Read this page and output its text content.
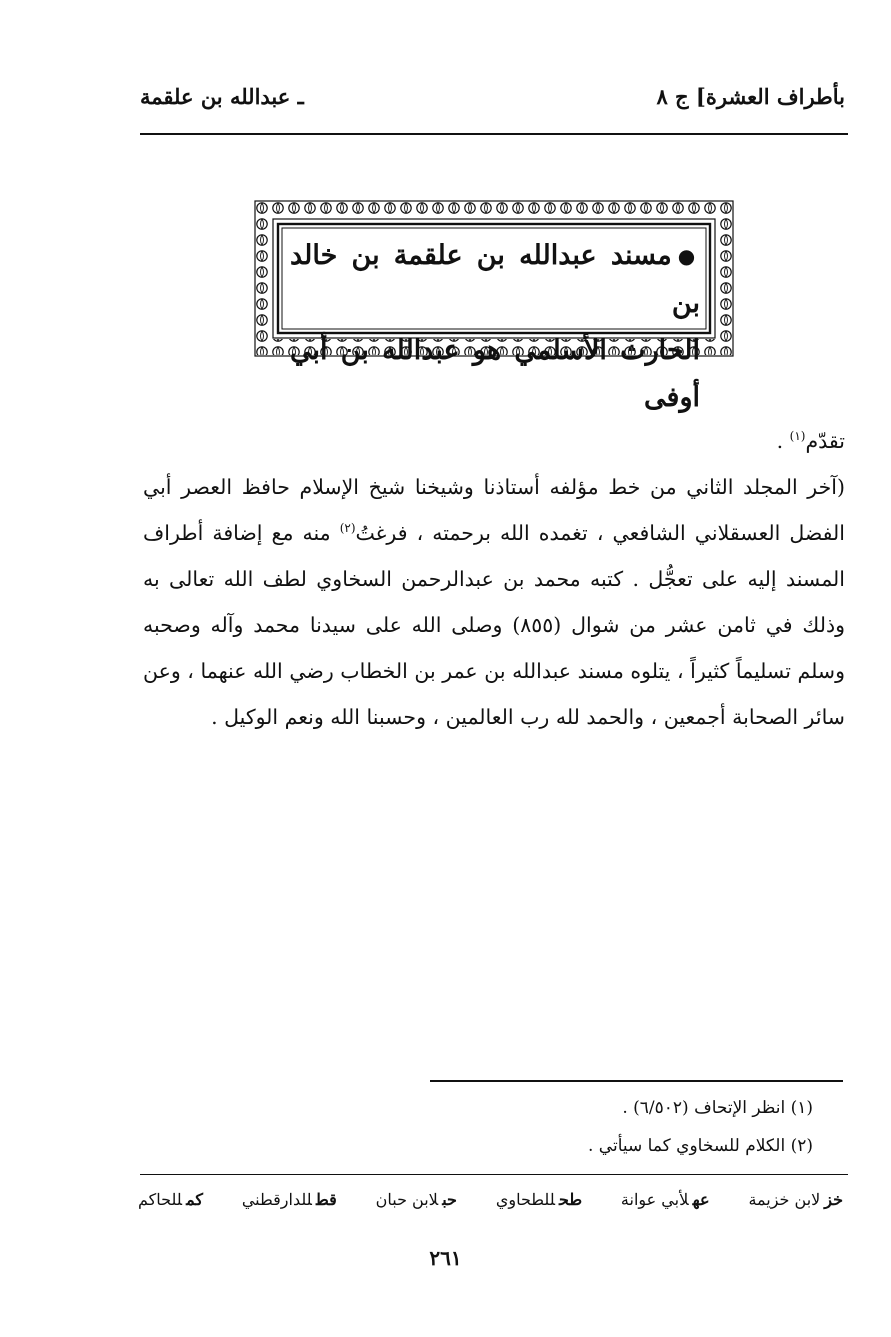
بأطراف العشرة] ج ٨
ـ عبدالله بن علقمة
●مسند عبدالله بن علقمة بن خالد بن
الحارث الأسلمي هو عبدالله بن أبي أوفى

تقدّم$^{(١)}$ .

(آخر المجلد الثاني من خط مؤلفه أستاذنا وشيخنا شيخ الإسلام حافظ العصر أبي الفضل العسقلاني الشافعي ، تغمده الله برحمته ، فرغتُ$^{(٢)}$ منه مع إضافة أطراف المسند إليه على تعجُّل . كتبه محمد بن عبدالرحمن السخاوي لطف الله تعالى به وذلك في ثامن عشر من شوال (٨٥٥) وصلى الله على سيدنا محمد وآله وصحبه وسلم تسليماً كثيراً ، يتلوه مسند عبدالله بن عمر بن الخطاب رضي الله عنهما ، وعن سائر الصحابة أجمعين ، والحمد لله رب العالمين ، وحسبنا الله ونعم الوكيل .

(١) انظر الإتحاف (٦/٥٠٢) .
(٢) الكلام للسخاوي كما سيأتي .
خزلابن خزيمة
عهلأبي عوانة
طحللطحاوي
حبلابن حبان
قطللدارقطني
كمللحاكم
٢٦١
